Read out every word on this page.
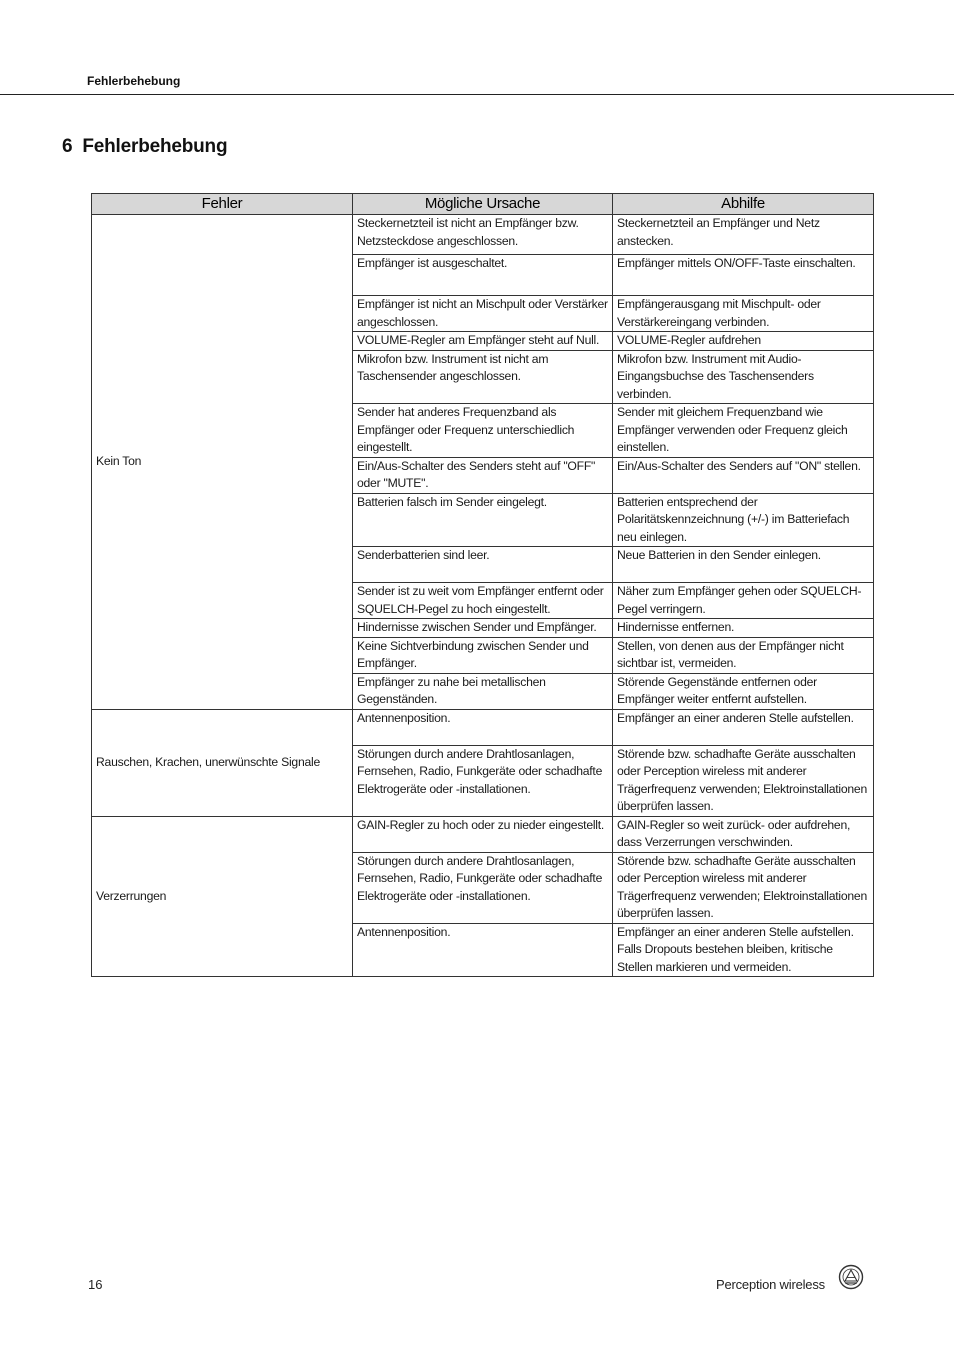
Fehlerbehebung
6 Fehlerbehebung
Fehler	Mögliche Ursache	Abhilfe
Kein Ton	Steckernetzteil ist nicht an Empfänger bzw. Netzsteckdose angeschlossen.	Steckernetzteil an Empfänger und Netz anstecken.
	Empfänger ist ausgeschaltet.	Empfänger mittels ON/OFF-Taste einschalten.
	Empfänger ist nicht an Mischpult oder Verstärker angeschlossen.	Empfängerausgang mit Mischpult- oder Verstärkereingang verbinden.
	VOLUME-Regler am Empfänger steht auf Null.	VOLUME-Regler aufdrehen
	Mikrofon bzw. Instrument ist nicht am Taschensender angeschlossen.	Mikrofon bzw. Instrument mit Audio-Eingangsbuchse des Taschensenders verbinden.
	Sender hat anderes Frequenzband als Empfänger oder Frequenz unterschiedlich eingestellt.	Sender mit gleichem Frequenzband wie Empfänger verwenden oder Frequenz gleich einstellen.
	Ein/Aus-Schalter des Senders steht auf "OFF" oder "MUTE".	Ein/Aus-Schalter des Senders auf "ON" stellen.
	Batterien falsch im Sender eingelegt.	Batterien entsprechend der Polaritätskennzeichnung (+/-) im Batteriefach neu einlegen.
	Senderbatterien sind leer.	Neue Batterien in den Sender einlegen.
	Sender ist zu weit vom Empfänger entfernt oder SQUELCH-Pegel zu hoch eingestellt.	Näher zum Empfänger gehen oder SQUELCH-Pegel verringern.
	Hindernisse zwischen Sender und Empfänger.	Hindernisse entfernen.
	Keine Sichtverbindung zwischen Sender und Empfänger.	Stellen, von denen aus der Empfänger nicht sichtbar ist, vermeiden.
	Empfänger zu nahe bei metallischen Gegenständen.	Störende Gegenstände entfernen oder Empfänger weiter entfernt aufstellen.
Rauschen, Krachen, unerwünschte Signale	Antennenposition.	Empfänger an einer anderen Stelle aufstellen.
	Störungen durch andere Drahtlosanlagen, Fernsehen, Radio, Funkgeräte oder schadhafte Elektrogeräte oder -installationen.	Störende bzw. schadhafte Geräte ausschalten oder Perception wireless mit anderer Trägerfrequenz verwenden; Elektroinstallationen überprüfen lassen.
Verzerrungen	GAIN-Regler zu hoch oder zu nieder eingestellt.	GAIN-Regler so weit zurück- oder aufdrehen, dass Verzerrungen verschwinden.
	Störungen durch andere Drahtlosanlagen, Fernsehen, Radio, Funkgeräte oder schadhafte Elektrogeräte oder -installationen.	Störende bzw. schadhafte Geräte ausschalten oder Perception wireless mit anderer Trägerfrequenz verwenden; Elektroinstallationen überprüfen lassen.
	Antennenposition.	Empfänger an einer anderen Stelle aufstellen. Falls Dropouts bestehen bleiben, kritische Stellen markieren und vermeiden.
16	Perception wireless
